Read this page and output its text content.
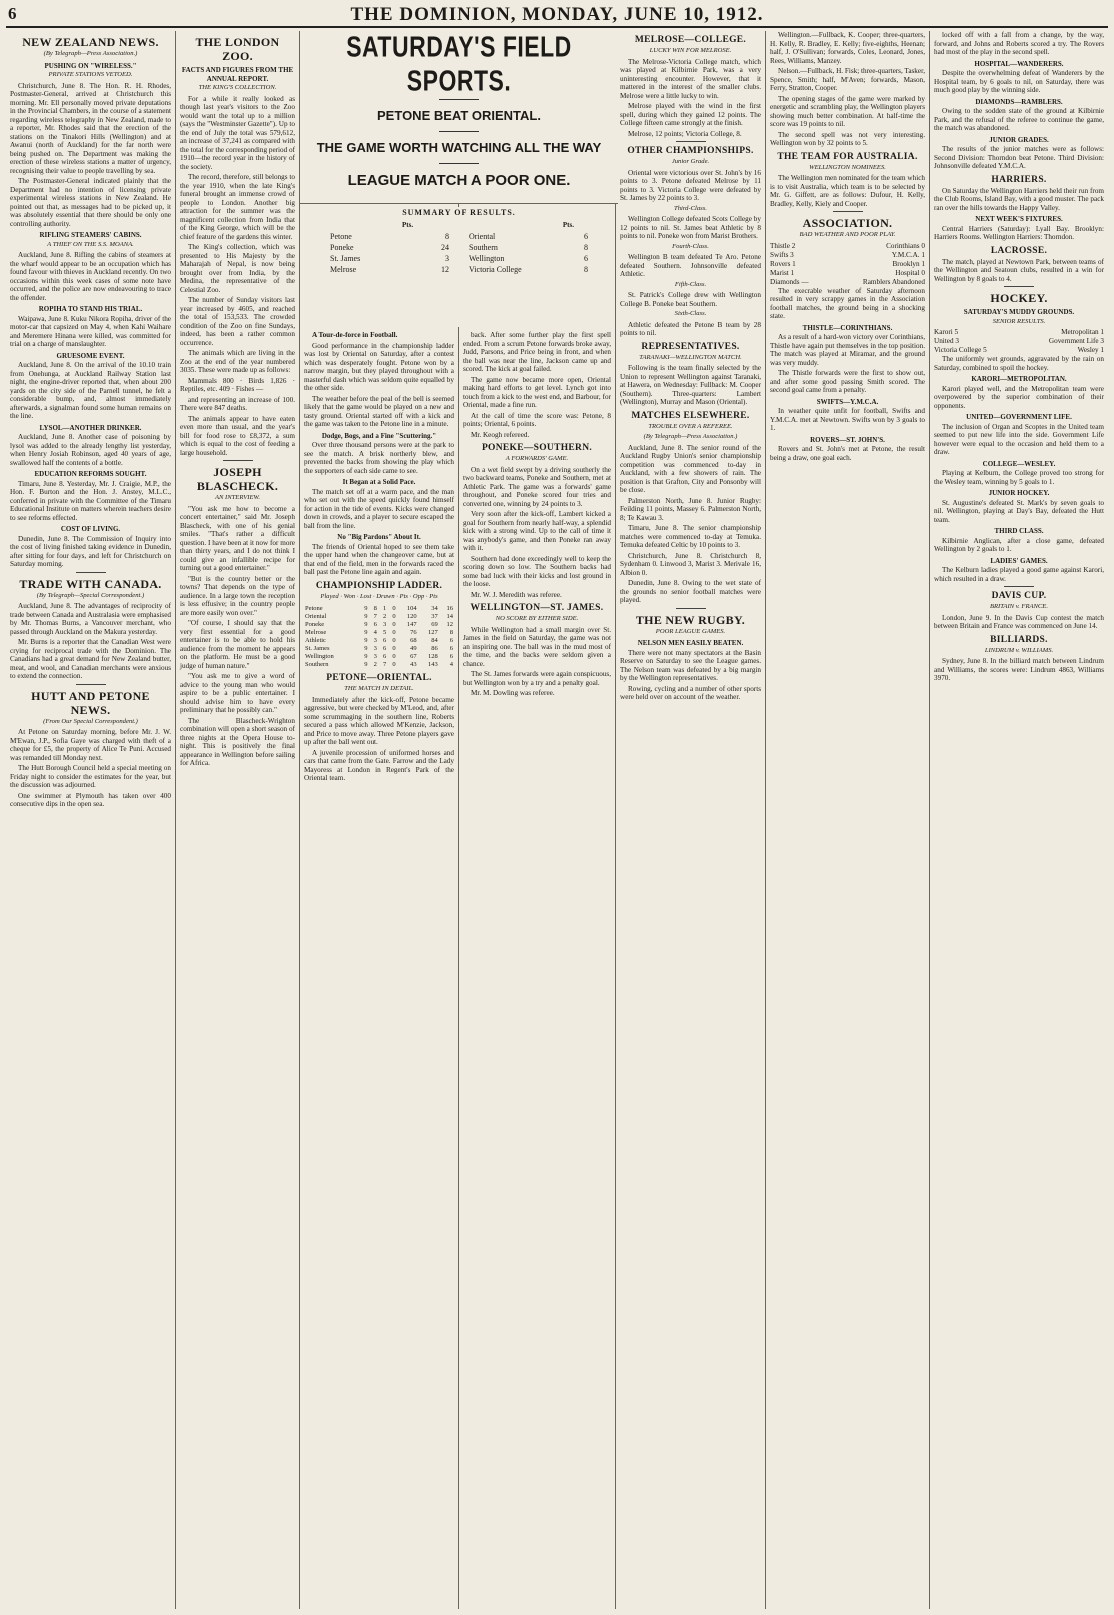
6	THE DOMINION, MONDAY, JUNE 10, 1912.
SATURDAY'S FIELD SPORTS.
PETONE BEAT ORIENTAL.
THE GAME WORTH WATCHING ALL THE WAY
LEAGUE MATCH A POOR ONE.
SUMMARY OF RESULTS.
Pts.	Pts.
Petone	8	Oriental	6
Poneke	24	Southern	8
St. James	3	Wellington	6
Melrose	12	Victoria College	8
NEW ZEALAND NEWS.
(By Telegraph—Press Association.)
PUSHING ON "WIRELESS."
PRIVATE STATIONS VETOED.

Christchurch, June 8. The Hon. R. H. Rhodes, Postmaster-General, arrived at Christchurch this morning. Mr. Ell personally moved private deputations in the Provincial Chambers, in the course of a statement regarding wireless telegraphy in New Zealand, made to a reporter, Mr. Rhodes said that the erection of the stations on the Tinakori Hills (Wellington) and at Awanui (north of Auckland) for the far north were being pushed on. The Department was making the erection of these wireless stations a matter of urgency, recognising their value to people travelling by sea.

The Postmaster-General indicated plainly that the Department had no intention of licensing private experimental wireless stations in New Zealand. He pointed out that, as messages had to be picked up, it was absolutely essential that there should be only one controlling authority.

RIFLING STEAMERS' CABINS.
A THIEF ON THE S.S. MOANA.

Auckland, June 8. Rifling the cabins of steamers at the wharf would appear to be an occupation which has found favour with thieves in Auckland recently. On two occasions within this week cases of some note have occurred, and the police are now endeavouring to trace the offender.

ROPIHA TO STAND HIS TRIAL.

Waipawa, June 8. Kuku Nikora Ropiha, driver of the motor-car that capsized on May 4, when Kahi Waihare and Meremere Hinana were killed, was committed for trial on a charge of manslaughter.

GRUESOME EVENT.

Auckland, June 8. On the arrival of the 10.10 train from Onehunga, at Auckland Railway Station last night, the engine-driver reported that, when about 200 yards on the city side of the Parnell tunnel, he felt a considerable bump, and, almost immediately afterwards, a signalman found some human remains on the line.

LYSOL—ANOTHER DRINKER.

Auckland, June 8. Another case of poisoning by lysol was added to the already lengthy list yesterday, when Henry Josiah Robinson, aged 40 years of age, swallowed half the contents of a bottle.

EDUCATION REFORMS SOUGHT.

Timaru, June 8. Yesterday, Mr. J. Craigie, M.P., the Hon. F. Burton and the Hon. J. Anstey, M.L.C., conferred in private with the Committee of the Timaru Educational Institute on matters wherein teachers desire to see reforms effected.

COST OF LIVING.

Dunedin, June 8. The Commission of Inquiry into the cost of living finished taking evidence in Dunedin, after sitting for four days, and left for Christchurch on Saturday morning.

TRADE WITH CANADA.
(By Telegraph—Special Correspondent.)

Auckland, June 8. The advantages of reciprocity of trade between Canada and Australasia were emphasised by Mr. Thomas Burns, a Vancouver merchant, who passed through Auckland on the Makura yesterday.

Mr. Burns is a reporter that the Canadian West were crying for reciprocal trade with the Dominion. The Canadians had a great demand for New Zealand butter, meat, and wool, and Canadian merchants were anxious to extend the connection.

HUTT AND PETONE NEWS.
(From Our Special Correspondent.)

At Petone on Saturday morning, before Mr. J. W. M'Ewan, J.P., Sofia Gaye was charged with theft of a cheque for £5, the property of Alice Te Puni. Accused was remanded till Monday next.

The Hutt Borough Council held a special meeting on Friday night to consider the estimates for the year, but the discussion was adjourned.

One swimmer at Plymouth has taken over 400 consecutive dips in the open sea.

THE LONDON ZOO.
FACTS AND FIGURES FROM THE ANNUAL REPORT.
THE KING'S COLLECTION.

For a while it really looked as though last year's visitors to the Zoo would want the total up to a million (says the "Westminster Gazette"). Up to the end of July the total was 579,612, an increase of 37,241 as compared with the total for the corresponding period of 1910—the record year in the history of the society.

The record, therefore, still belongs to the year 1910, when the late King's funeral brought an immense crowd of people to London. Another big attraction for the summer was the magnificent collection from India that of the King George, which will be the chief feature of the gardens this winter.

The King's collection, which was presented to His Majesty by the Maharajah of Nepal, is now being brought over from India, by the Medina, the representative of the Celestial Zoo.

The number of Sunday visitors last year increased by 4605, and reached the total of 153,533. The crowded condition of the Zoo on fine Sundays, indeed, has been a rather common occurrence.

The animals which are living in the Zoo at the end of the year numbered 3035. These were made up as follows:

Mammals 800 · Birds 1,826 · Reptiles, etc. 409 · Fishes —

and representing an increase of 100. There were 847 deaths.

The animals appear to have eaten even more than usual, and the year's bill for food rose to £8,372, a sum which is equal to the cost of feeding a large household.

JOSEPH BLASCHECK.
AN INTERVIEW.

"You ask me how to become a concert entertainer," said Mr. Joseph Blascheck, with one of his genial smiles. "That's rather a difficult question. I have been at it now for more than thirty years, and I do not think I could give an infallible recipe for turning out a good entertainer."

"But is the country better or the towns? That depends on the type of audience. In a large town the reception is less effusive; in the country people are more easily won over."

"Of course, I should say that the very first essential for a good entertainer is to be able to hold his audience from the moment he appears on the platform. He must be a good judge of human nature."

"You ask me to give a word of advice to the young man who would aspire to be a public entertainer. I should advise him to have every preliminary that he possibly can."

The Blascheck-Wrighton combination will open a short season of three nights at the Opera House to-night. This is positively the final appearance in Wellington before sailing for Africa.

A Tour-de-force in Football.

Good performance in the championship ladder was lost by Oriental on Saturday, after a contest which was desperately fought. Petone won by a narrow margin, but they played throughout with a masterful dash which was seldom quite equalled by the other side.

The weather before the peal of the bell is seemed likely that the game would be played on a new and tasty ground. Oriental started off with a kick and the game was taken to the Petone line in a minute.

Dodge, Bogs, and a Fine "Scuttering."

Over three thousand persons were at the park to see the match. A brisk northerly blew, and prevented the backs from showing the play which the supporters of each side came to see.

It Began at a Solid Pace.

The match set off at a warm pace, and the man who set out with the speed quickly found himself for action in the tide of events. Kicks were changed down in crowds, and a player to secure escaped the ball from the line.

No "Big Pardons" About It.

The friends of Oriental hoped to see them take the upper hand when the changeover came, but at that end of the field, men in the forwards raced the ball past the Petone line again and again.

CHAMPIONSHIP LADDER.
Played · Won · Lost · Drawn · Pts · Opp · Pts
Petone	9	8	1	0	104	34	16
Oriental	9	7	2	0	120	37	14
Poneke	9	6	3	0	147	69	12
Melrose	9	4	5	0	76	127	8
Athletic	9	3	6	0	68	84	6
St. James	9	3	6	0	49	86	6
Wellington	9	3	6	0	67	128	6
Southern	9	2	7	0	43	143	4
PETONE—ORIENTAL.
THE MATCH IN DETAIL.

Immediately after the kick-off, Petone became aggressive, but were checked by M'Leod, and, after some scrummaging in the southern line, Roberts secured a pass which allowed M'Kenzie, Jackson, and Price to move away. Three Petone players gave up after the ball went out.

A juvenile procession of uniformed horses and cars that came from the Gate. Farrow and the Lady Mayoress at London in Regent's Park of the Oriental team.

back. After some further play the first spell ended. From a scrum Petone forwards broke away, Judd, Parsons, and Price being in front, and when the ball was near the line, Jackson came up and scored. The kick at goal failed.

The game now became more open, Oriental making hard efforts to get level. Lynch got into touch from a kick to the west end, and Barbour, for Oriental, made a fine run.

At the call of time the score was: Petone, 8 points; Oriental, 6 points.

Mr. Keogh refereed.

PONEKE—SOUTHERN.
A FORWARDS' GAME.

On a wet field swept by a driving southerly the two backward teams, Poneke and Southern, met at Athletic Park. The game was a forwards' game throughout, and Poneke scored four tries and converted one, winning by 24 points to 3.

Very soon after the kick-off, Lambert kicked a goal for Southern from nearly half-way, a splendid kick with a strong wind. Up to the call of time it was anybody's game, and then Poneke ran away with it.

Southern had done exceedingly well to keep the scoring down so low. The Southern backs had some bad luck with their kicks and lost ground in the loose.

Mr. W. J. Meredith was referee.

WELLINGTON—ST. JAMES.
NO SCORE BY EITHER SIDE.

While Wellington had a small margin over St. James in the field on Saturday, the game was not an inspiring one. The ball was in the mud most of the time, and the backs were seldom given a chance.

The St. James forwards were again conspicuous, but Wellington won by a try and a penalty goal.

Mr. M. Dowling was referee.

MELROSE—COLLEGE.
LUCKY WIN FOR MELROSE.

The Melrose-Victoria College match, which was played at Kilbirnie Park, was a very uninteresting encounter. However, that it mattered in the interest of the smaller clubs. Melrose were a little lucky to win.

Melrose played with the wind in the first spell, during which they gained 12 points. The College fifteen came strongly at the finish.

Melrose, 12 points; Victoria College, 8.

OTHER CHAMPIONSHIPS.
Junior Grade.

Oriental were victorious over St. John's by 16 points to 3. Petone defeated Melrose by 11 points to 3. Victoria College were defeated by St. James by 22 points to 3.

Third-Class.

Wellington College defeated Scots College by 12 points to nil. St. James beat Athletic by 8 points to nil. Poneke won from Marist Brothers.

Fourth-Class.

Wellington B team defeated Te Aro. Petone defeated Southern. Johnsonville defeated Athletic.

Fifth-Class.

St. Patrick's College drew with Wellington College B. Poneke beat Southern.

Sixth-Class.

Athletic defeated the Petone B team by 28 points to nil.

REPRESENTATIVES.
TARANAKI—WELLINGTON MATCH.

Following is the team finally selected by the Union to represent Wellington against Taranaki, at Hawera, on Wednesday: Fullback: M. Cooper (Southern). Three-quarters: Lambert (Wellington), Murray and Mason (Oriental).

MATCHES ELSEWHERE.
TROUBLE OVER A REFEREE.
(By Telegraph—Press Association.)

Auckland, June 8. The senior round of the Auckland Rugby Union's senior championship competition was commenced to-day in Auckland, with a few showers of rain. The position is that Grafton, City and Ponsonby will be close.

Palmerston North, June 8. Junior Rugby: Feilding 11 points, Massey 6. Palmerston North, 8; Te Kawau 3.

Timaru, June 8. The senior championship matches were commenced to-day at Temuka. Temuka defeated Celtic by 10 points to 3.

Christchurch, June 8. Christchurch 8, Sydenham 0. Linwood 3, Marist 3. Merivale 16, Albion 0.

Dunedin, June 8. Owing to the wet state of the grounds no senior football matches were played.

THE NEW RUGBY.
POOR LEAGUE GAMES.
NELSON MEN EASILY BEATEN.

There were not many spectators at the Basin Reserve on Saturday to see the League games. The Nelson team was defeated by a big margin by the Wellington representatives.

Rowing, cycling and a number of other sports were held over on account of the weather.

Wellington.—Fullback, K. Cooper; three-quarters, H. Kelly, R. Bradley, E. Kelly; five-eighths, Heenan; half, J. O'Sullivan; forwards, Coles, Leonard, Jones, Rees, Williams, Manzey.

Nelson.—Fullback, H. Fisk; three-quarters, Tasker, Spence, Smith; half, M'Aven; forwards, Mason, Ferry, Stratton, Cooper.

The opening stages of the game were marked by energetic and scrambling play, the Wellington players showing much better combination. At half-time the score was 19 points to nil.

The second spell was not very interesting. Wellington won by 32 points to 5.

THE TEAM FOR AUSTRALIA.
WELLINGTON NOMINEES.

The Wellington men nominated for the team which is to visit Australia, which team is to be selected by Mr. G. Giffett, are as follows: Dufour, H. Kelly, Bradley, Kelly, Kiely and Cooper.

ASSOCIATION.
BAD WEATHER AND POOR PLAY.
Thistle 2	Corinthians 0
Swifts 3	Y.M.C.A. 1
Rovers 1	Brooklyn 1
Marist 1	Hospital 0
Diamonds —	Ramblers Abandoned

The execrable weather of Saturday afternoon resulted in very scrappy games in the Association football matches, the ground being in a shocking state.

THISTLE—CORINTHIANS.

As a result of a hard-won victory over Corinthians, Thistle have again put themselves in the top position. The match was played at Miramar, and the ground was very muddy.

The Thistle forwards were the first to show out, and after some good passing Smith scored. The second goal came from a penalty.

SWIFTS—Y.M.C.A.

In weather quite unfit for football, Swifts and Y.M.C.A. met at Newtown. Swifts won by 3 goals to 1.

ROVERS—ST. JOHN'S.

Rovers and St. John's met at Petone, the result being a draw, one goal each.

locked off with a fall from a change, by the way, forward, and Johns and Roberts scored a try. The Rovers had most of the play in the second spell.

HOSPITAL—WANDERERS.

Despite the overwhelming defeat of Wanderers by the Hospital team, by 6 goals to nil, on Saturday, there was much good play by the winning side.

DIAMONDS—RAMBLERS.

Owing to the sodden state of the ground at Kilbirnie Park, and the refusal of the referee to continue the game, the match was abandoned.

JUNIOR GRADES.

The results of the junior matches were as follows: Second Division: Thorndon beat Petone. Third Division: Johnsonville defeated Y.M.C.A.

HARRIERS.

On Saturday the Wellington Harriers held their run from the Club Rooms, Island Bay, with a good muster. The pack ran over the hills towards the Happy Valley.

NEXT WEEK'S FIXTURES.

Central Harriers (Saturday): Lyall Bay. Brooklyn: Harriers Rooms. Wellington Harriers: Thorndon.

LACROSSE.

The match, played at Newtown Park, between teams of the Wellington and Seatoun clubs, resulted in a win for Wellington by 8 goals to 4.

HOCKEY.
SATURDAY'S MUDDY GROUNDS.
SENIOR RESULTS.
Karori 5	Metropolitan 1
United 3	Government Life 3
Victoria College 5	Wesley 1

The uniformly wet grounds, aggravated by the rain on Saturday, combined to spoil the hockey.

KARORI—METROPOLITAN.

Karori played well, and the Metropolitan team were overpowered by the superior combination of their opponents.

UNITED—GOVERNMENT LIFE.

The inclusion of Organ and Scoptes in the United team seemed to put new life into the side. Government Life however were equal to the occasion and held them to a draw.

COLLEGE—WESLEY.

Playing at Kelburn, the College proved too strong for the Wesley team, winning by 5 goals to 1.

JUNIOR HOCKEY.

St. Augustine's defeated St. Mark's by seven goals to nil. Wellington, playing at Day's Bay, defeated the Hutt team.

THIRD CLASS.

Kilbirnie Anglican, after a close game, defeated Wellington by 2 goals to 1.

LADIES' GAMES.

The Kelburn ladies played a good game against Karori, which resulted in a draw.

DAVIS CUP.
BRITAIN v. FRANCE.

London, June 9. In the Davis Cup contest the match between Britain and France was commenced on June 14.

BILLIARDS.
LINDRUM v. WILLIAMS.

Sydney, June 8. In the billiard match between Lindrum and Williams, the scores were: Lindrum 4863, Williams 3970.
